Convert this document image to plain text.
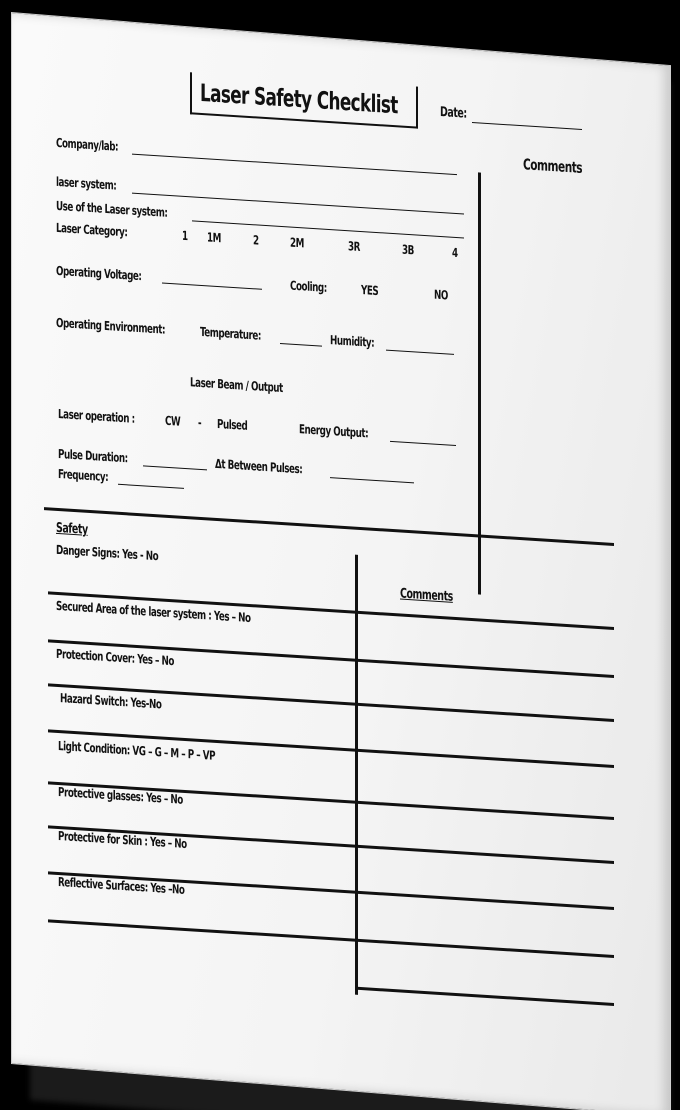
Laser Safety Checklist	Date:
Comments
Company/lab:
laser system:
Use of the Laser system:
Laser Category:	1 1M	2	2M	3R	3B	4
Operating Voltage:
Cooling:	YES	NO
Operating Environment:	Temperature:	Humidity:
Laser Beam / Output
Laser operation : CW - Pulsed	Energy Output:
Pulse Duration:
Δt Between Pulses:
Frequency:
Safety
Comments
Danger Signs: Yes - No
Secured Area of the laser system : Yes – No
Protection Cover: Yes – No
Hazard Switch: Yes-No
Light Condition: VG – G – M – P – VP
Protective glasses: Yes – No
Protective for Skin : Yes – No
Reflective Surfaces: Yes –No
